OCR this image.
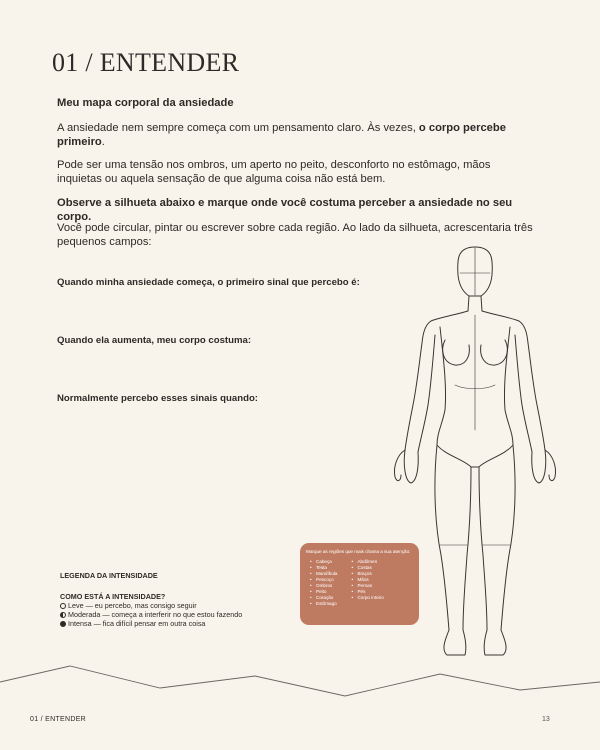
01 / ENTENDER

Meu mapa corporal da ansiedade

A ansiedade nem sempre começa com um pensamento claro. Às vezes, o corpo percebe primeiro.

Pode ser uma tensão nos ombros, um aperto no peito, desconforto no estômago, mãos inquietas ou aquela sensação de que alguma coisa não está bem.

Observe a silhueta abaixo e marque onde você costuma perceber a ansiedade no seu corpo.

Você pode circular, pintar ou escrever sobre cada região. Ao lado da silhueta, acrescentaria três pequenos campos:

Quando minha ansiedade começa, o primeiro sinal que percebo é:

Quando ela aumenta, meu corpo costuma:

Normalmente percebo esses sinais quando:

Marque as regiões que mais chama a sua atenção:

• Cabeça
• Testa
• Mandíbula
• Pescoço
• Ombros
• Peito
• Coração
• Estômago
• Abdômen
• Costas
• Braços
• Mãos
• Pernas
• Pés
• Corpo inteiro

LEGENDA DA INTENSIDADE

COMO ESTÁ A INTENSIDADE?

Leve — eu percebo, mas consigo seguir

Moderada — começa a interferir no que estou fazendo

Intensa — fica difícil pensar em outra coisa

01 / ENTENDER	13
